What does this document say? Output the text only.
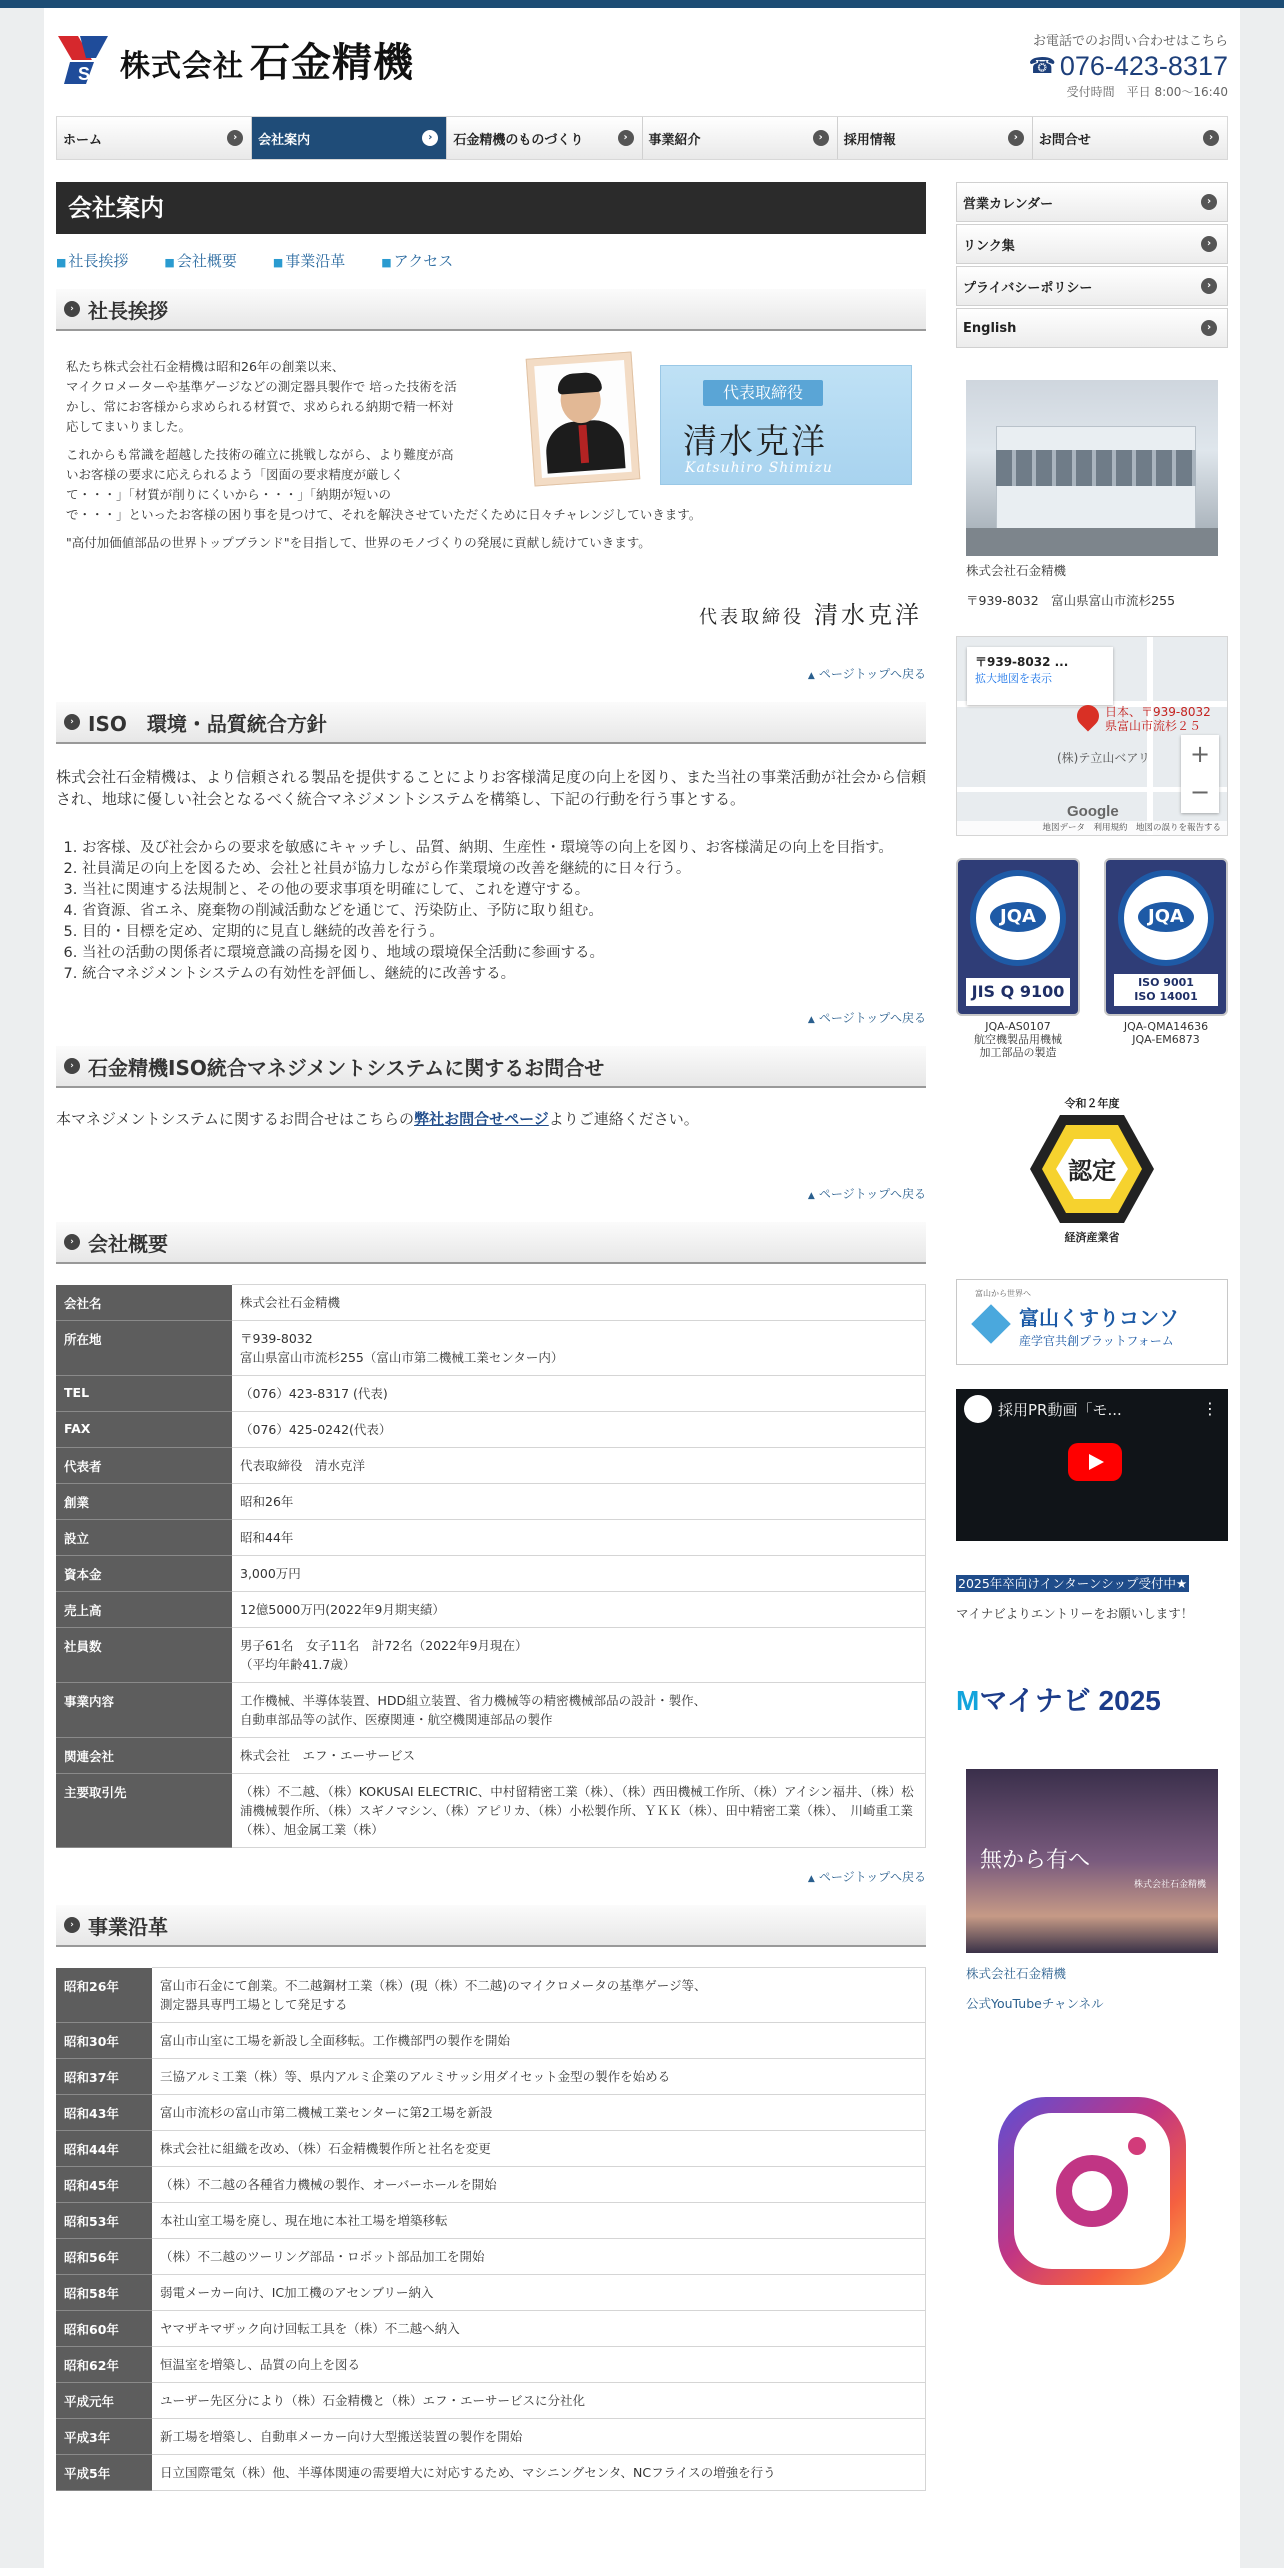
S 株式会社 石金精機	お電話でのお問い合わせはこちら
☎ 076-423-8317
受付時間　平日 8:00〜16:40
ホーム	›	会社案内	›	石金精機のものづくり	›	事業紹介	›	採用情報	›	お問合せ	›
会社案内
■ 社長挨拶	■ 会社概要	■ 事業沿革	■ アクセス
› 社長挨拶

私たち株式会社石金精機は昭和26年の創業以来、
マイクロメーターや基準ゲージなどの測定器具製作で 培った技術を活
かし、常にお客様から求められる材質で、求められる納期で精一杯対
応してまいりました。

これからも常識を超越した技術の確立に挑戦しながら、より難度が高
いお客様の要求に応えられるよう「図面の要求精度が厳しく
て・・・」「材質が削りにくいから・・・」「納期が短いの
で・・・」といったお客様の困り事を見つけて、それを解決させていただくために日々チャレンジしていきます。

"高付加価値部品の世界トップブランド"を目指して、世界のモノづくりの発展に貢献し続けていきます。

代表取締役
清水克洋
Katsuhiro Shimizu
代表取締役 清水克洋
▲ ページトップへ戻る
› ISO　環境・品質統合方針
株式会社石金精機は、より信頼される製品を提供することによりお客様満足度の向上を図り、また当社の事業活動が社会から信頼され、地球に優しい社会となるべく統合マネジメントシステムを構築し、下記の行動を行う事とする。
1. お客様、及び社会からの要求を敏感にキャッチし、品質、納期、生産性・環境等の向上を図り、お客様満足の向上を目指す。
2. 社員満足の向上を図るため、会社と社員が協力しながら作業環境の改善を継続的に日々行う。
3. 当社に関連する法規制と、その他の要求事項を明確にして、これを遵守する。
4. 省資源、省エネ、廃棄物の削減活動などを通じて、汚染防止、予防に取り組む。
5. 目的・目標を定め、定期的に見直し継続的改善を行う。
6. 当社の活動の関係者に環境意識の高揚を図り、地域の環境保全活動に参画する。
7. 統合マネジメントシステムの有効性を評価し、継続的に改善する。
▲ ページトップへ戻る
› 石金精機ISO統合マネジメントシステムに関するお問合せ
本マネジメントシステムに関するお問合せはこちらの弊社お問合せページよりご連絡ください。
▲ ページトップへ戻る
› 会社概要
会社名	株式会社石金精機
所在地	〒939-8032
富山県富山市流杉255（富山市第二機械工業センター内）
TEL	（076）423-8317 (代表)
FAX	（076）425-0242(代表）
代表者	代表取締役　清水克洋
創業	昭和26年
設立	昭和44年
資本金	3,000万円
売上高	12億5000万円(2022年9月期実績）
社員数	男子61名　女子11名　計72名（2022年9月現在）
（平均年齢41.7歳）
事業内容	工作機械、半導体装置、HDD組立装置、省力機械等の精密機械部品の設計・製作、
自動車部品等の試作、医療関連・航空機関連部品の製作
関連会社	株式会社　エフ・エーサービス
主要取引先	（株）不二越、（株）KOKUSAI ELECTRIC、中村留精密工業（株）、（株）西田機械工作所、（株）アイシン福井、（株）松浦機械製作所、（株）スギノマシン、（株）アピリカ、（株）小松製作所、ＹＫＫ（株）、田中精密工業（株）、　川崎重工業（株）、旭金属工業（株）
▲ ページトップへ戻る
› 事業沿革
昭和26年	富山市石金にて創業。不二越鋼材工業（株）(現（株）不二越)のマイクロメータの基準ゲージ等、
測定器具専門工場として発足する
昭和30年	富山市山室に工場を新設し全面移転。工作機部門の製作を開始
昭和37年	三協アルミ工業（株）等、県内アルミ企業のアルミサッシ用ダイセット金型の製作を始める
昭和43年	富山市流杉の富山市第二機械工業センターに第2工場を新設
昭和44年	株式会社に組織を改め、（株）石金精機製作所と社名を変更
昭和45年	（株）不二越の各種省力機械の製作、オーバーホールを開始
昭和53年	本社山室工場を廃し、現在地に本社工場を増築移転
昭和56年	（株）不二越のツーリング部品・ロボット部品加工を開始
昭和58年	弱電メーカー向け、IC加工機のアセンブリー納入
昭和60年	ヤマザキマザック向け回転工具を（株）不二越へ納入
昭和62年	恒温室を増築し、品質の向上を図る
平成元年	ユーザー先区分により（株）石金精機と（株）エフ・エーサービスに分社化
平成3年	新工場を増築し、自動車メーカー向け大型搬送装置の製作を開始
平成5年	日立国際電気（株）他、半導体関連の需要増大に対応するため、マシニングセンタ、NCフライスの増強を行う
営業カレンダー	›
リンク集	›
プライバシーポリシー	›
English	›
株式会社石金精機
〒939-8032　富山県富山市流杉255
〒939-8032 ...
拡大地図を表示
日本、〒939-8032
県富山市流杉２５
(株)テ立山ベアリ	+
−
Google
地図データ　利用規約　地図の誤りを報告する
JQA
JIS Q 9100
JQA-AS0107
航空機製品用機械
加工部品の製造
JQA
ISO 9001
ISO 14001
JQA-QMA14636
JQA-EM6873
令和２年度
認定
経済産業省
富山から世界へ
富山くすりコンソ
産学官共創プラットフォーム
採用PR動画「モ...	⋮
2025年卒向けインターンシップ受付中★
マイナビよりエントリーをお願いします！
Mマイナビ 2025
無から有へ
株式会社石金精機
株式会社石金精機
公式YouTubeチャンネル
